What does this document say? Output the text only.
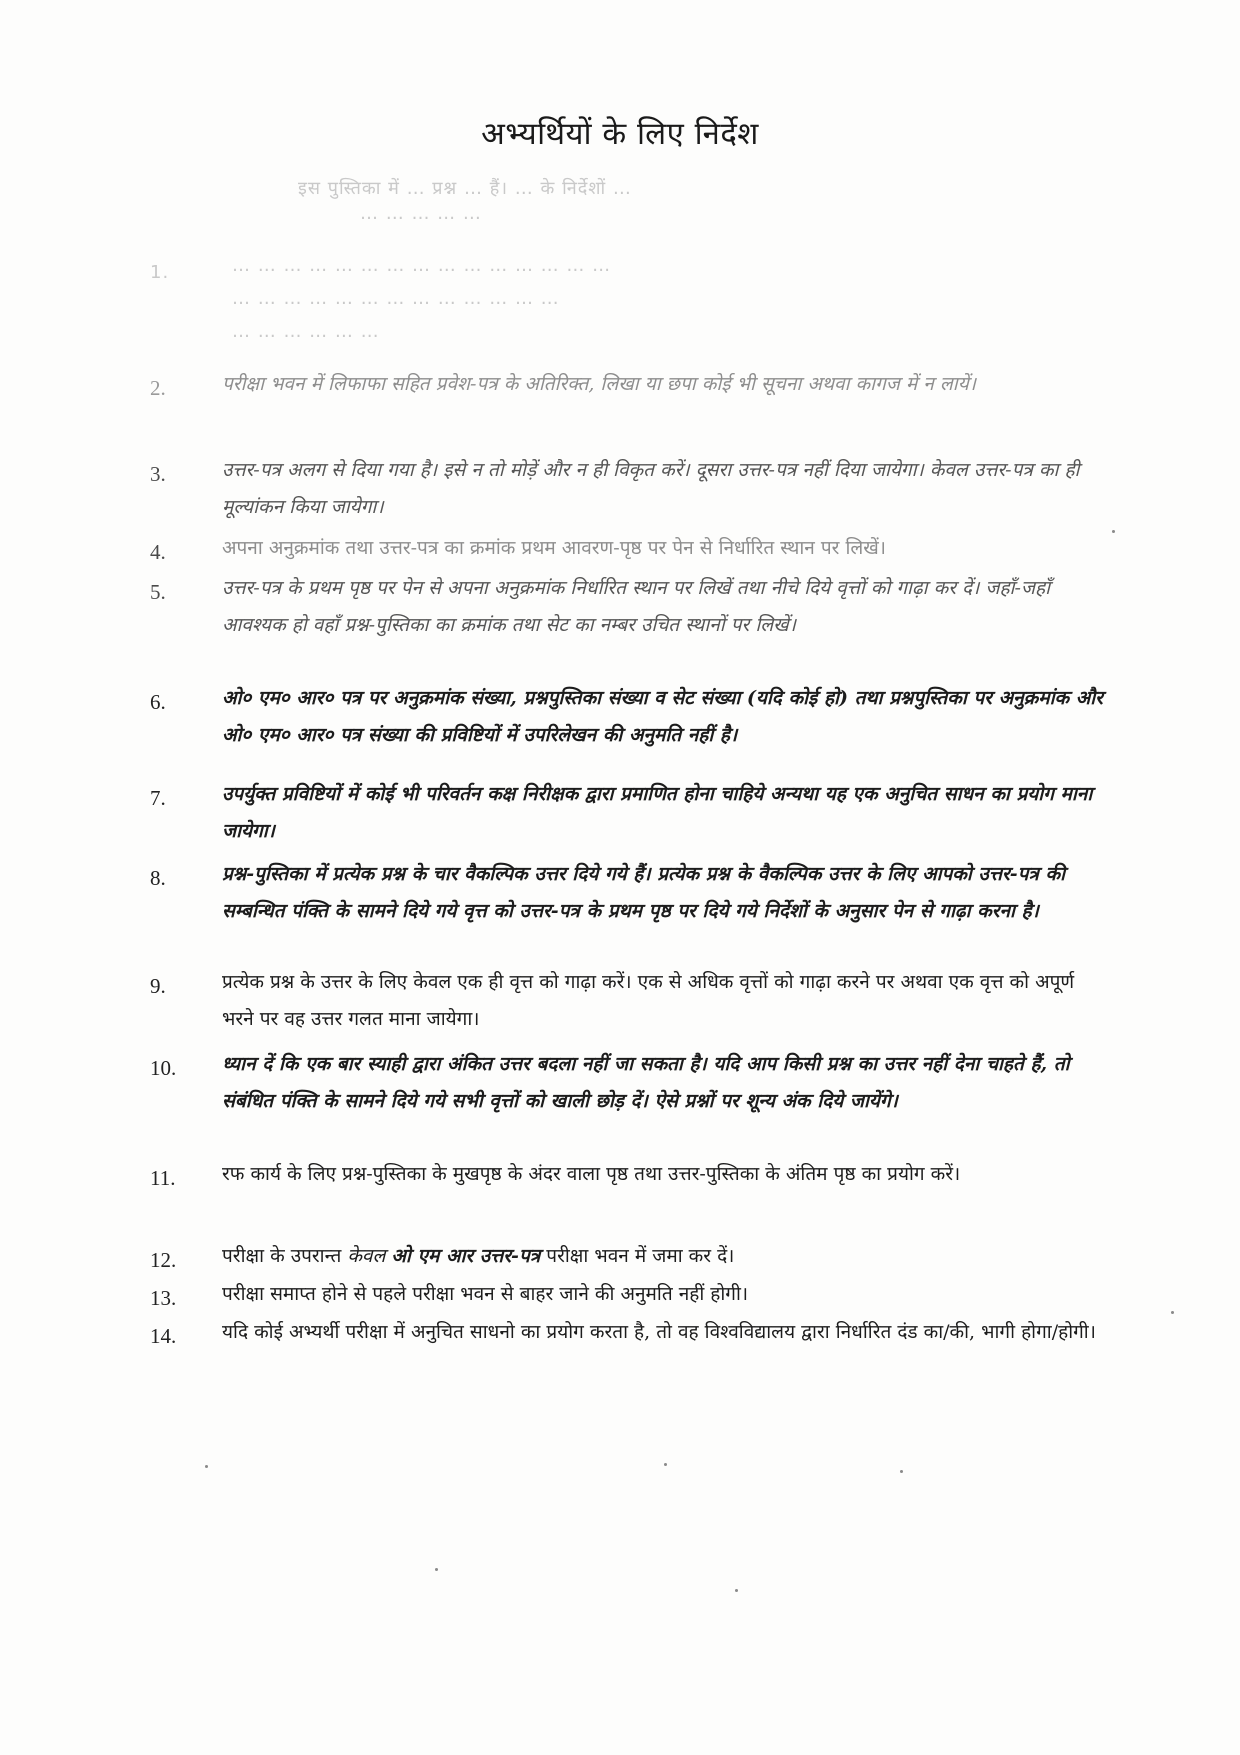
अभ्यर्थियों के लिए निर्देश
इस पुस्तिका में … प्रश्न … हैं। … के निर्देशों …
… … … … …
1.	… … … … … … … … … … … … … … …
… … … … … … … … … … … … …
… … … … … …
2.	परीक्षा भवन में लिफाफा सहित प्रवेश-पत्र के अतिरिक्त, लिखा या छपा कोई भी सूचना अथवा कागज में न लायें।
3.	उत्तर-पत्र अलग से दिया गया है। इसे न तो मोड़ें और न ही विकृत करें। दूसरा उत्तर-पत्र नहीं दिया जायेगा। केवल उत्तर-पत्र का ही मूल्यांकन किया जायेगा।
4.	अपना अनुक्रमांक तथा उत्तर-पत्र का क्रमांक प्रथम आवरण-पृष्ठ पर पेन से निर्धारित स्थान पर लिखें।
5.	उत्तर-पत्र के प्रथम पृष्ठ पर पेन से अपना अनुक्रमांक निर्धारित स्थान पर लिखें तथा नीचे दिये वृत्तों को गाढ़ा कर दें। जहाँ-जहाँ आवश्यक हो वहाँ प्रश्न-पुस्तिका का क्रमांक तथा सेट का नम्बर उचित स्थानों पर लिखें।
6.	ओ० एम० आर० पत्र पर अनुक्रमांक संख्या, प्रश्नपुस्तिका संख्या व सेट संख्या (यदि कोई हो) तथा प्रश्नपुस्तिका पर अनुक्रमांक और ओ० एम० आर० पत्र संख्या की प्रविष्टियों में उपरिलेखन की अनुमति नहीं है।
7.	उपर्युक्त प्रविष्टियों में कोई भी परिवर्तन कक्ष निरीक्षक द्वारा प्रमाणित होना चाहिये अन्यथा यह एक अनुचित साधन का प्रयोग माना जायेगा।
8.	प्रश्न-पुस्तिका में प्रत्येक प्रश्न के चार वैकल्पिक उत्तर दिये गये हैं। प्रत्येक प्रश्न के वैकल्पिक उत्तर के लिए आपको उत्तर-पत्र की सम्बन्धित पंक्ति के सामने दिये गये वृत्त को उत्तर-पत्र के प्रथम पृष्ठ पर दिये गये निर्देशों के अनुसार पेन से गाढ़ा करना है।
9.	प्रत्येक प्रश्न के उत्तर के लिए केवल एक ही वृत्त को गाढ़ा करें। एक से अधिक वृत्तों को गाढ़ा करने पर अथवा एक वृत्त को अपूर्ण भरने पर वह उत्तर गलत माना जायेगा।
10.	ध्यान दें कि एक बार स्याही द्वारा अंकित उत्तर बदला नहीं जा सकता है। यदि आप किसी प्रश्न का उत्तर नहीं देना चाहते हैं, तो संबंधित पंक्ति के सामने दिये गये सभी वृत्तों को खाली छोड़ दें। ऐसे प्रश्नों पर शून्य अंक दिये जायेंगे।
11.	रफ कार्य के लिए प्रश्न-पुस्तिका के मुखपृष्ठ के अंदर वाला पृष्ठ तथा उत्तर-पुस्तिका के अंतिम पृष्ठ का प्रयोग करें।
12.	परीक्षा के उपरान्त केवल ओ एम आर उत्तर-पत्र परीक्षा भवन में जमा कर दें।
13.	परीक्षा समाप्त होने से पहले परीक्षा भवन से बाहर जाने की अनुमति नहीं होगी।
14.	यदि कोई अभ्यर्थी परीक्षा में अनुचित साधनो का प्रयोग करता है, तो वह विश्वविद्यालय द्वारा निर्धारित दंड का/की, भागी होगा/होगी।
